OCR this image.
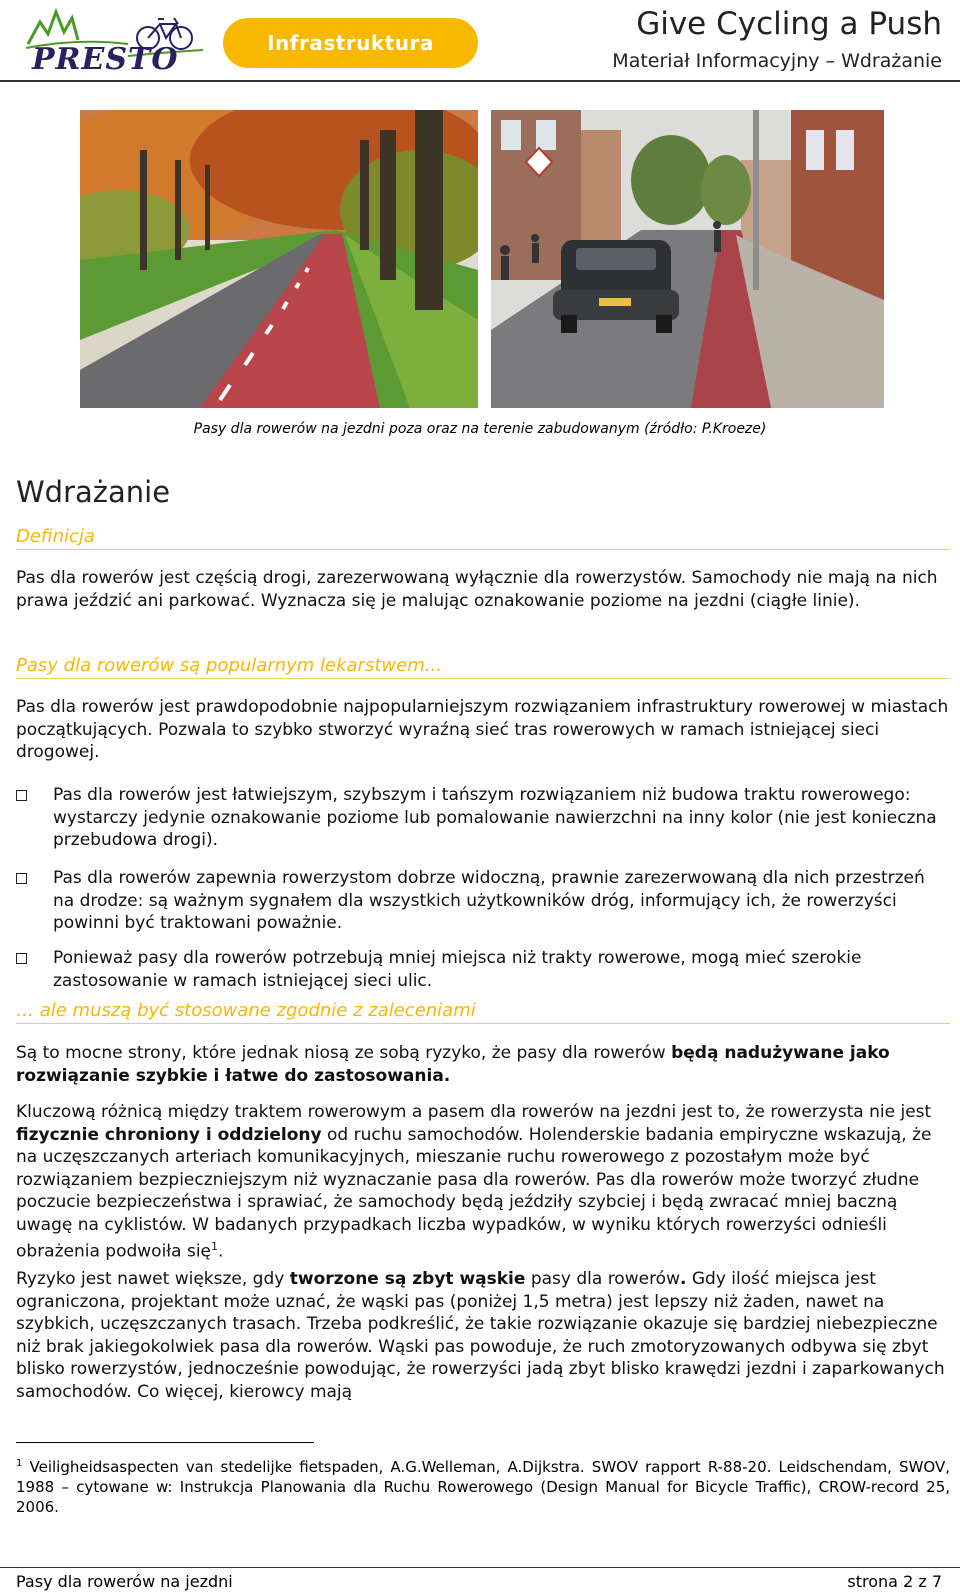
PRESTO	Infrastruktura
Give Cycling a Push
Materiał Informacyjny – Wdrażanie
Pasy dla rowerów na jezdni poza oraz na terenie zabudowanym (źródło: P.Kroeze)
Wdrażanie
Definicja
Pas dla rowerów jest częścią drogi, zarezerwowaną wyłącznie dla rowerzystów. Samochody nie mają na nich prawa jeździć ani parkować. Wyznacza się je malując oznakowanie poziome na jezdni (ciągłe linie).
Pasy dla rowerów są popularnym lekarstwem...
Pas dla rowerów jest prawdopodobnie najpopularniejszym rozwiązaniem infrastruktury rowerowej w miastach początkujących. Pozwala to szybko stworzyć wyraźną sieć tras rowerowych w ramach istniejącej sieci drogowej.
Pas dla rowerów jest łatwiejszym, szybszym i tańszym rozwiązaniem niż budowa traktu rowerowego: wystarczy jedynie oznakowanie poziome lub pomalowanie nawierzchni na inny kolor (nie jest konieczna przebudowa drogi).
Pas dla rowerów zapewnia rowerzystom dobrze widoczną, prawnie zarezerwowaną dla nich przestrzeń na drodze: są ważnym sygnałem dla wszystkich użytkowników dróg, informujący ich, że rowerzyści powinni być traktowani poważnie.
Ponieważ pasy dla rowerów potrzebują mniej miejsca niż trakty rowerowe, mogą mieć szerokie zastosowanie w ramach istniejącej sieci ulic.
… ale muszą być stosowane zgodnie z zaleceniami
Są to mocne strony, które jednak niosą ze sobą ryzyko, że pasy dla rowerów będą nadużywane jako rozwiązanie szybkie i łatwe do zastosowania.
Kluczową różnicą między traktem rowerowym a pasem dla rowerów na jezdni jest to, że rowerzysta nie jest fizycznie chroniony i oddzielony od ruchu samochodów. Holenderskie badania empiryczne wskazują, że na uczęszczanych arteriach komunikacyjnych, mieszanie ruchu rowerowego z pozostałym może być rozwiązaniem bezpieczniejszym niż wyznaczanie pasa dla rowerów. Pas dla rowerów może tworzyć złudne poczucie bezpieczeństwa i sprawiać, że samochody będą jeździły szybciej i będą zwracać mniej baczną uwagę na cyklistów. W badanych przypadkach liczba wypadków, w wyniku których rowerzyści odnieśli obrażenia podwoiła się$^1$.
Ryzyko jest nawet większe, gdy tworzone są zbyt wąskie pasy dla rowerów. Gdy ilość miejsca jest ograniczona, projektant może uznać, że wąski pas (poniżej 1,5 metra) jest lepszy niż żaden, nawet na szybkich, uczęszczanych trasach. Trzeba podkreślić, że takie rozwiązanie okazuje się bardziej niebezpieczne niż brak jakiegokolwiek pasa dla rowerów. Wąski pas powoduje, że ruch zmotoryzowanych odbywa się zbyt blisko rowerzystów, jednocześnie powodując, że rowerzyści jadą zbyt blisko krawędzi jezdni i zaparkowanych samochodów. Co więcej, kierowcy mają
$^1$ Veiligheidsaspecten van stedelijke fietspaden, A.G.Welleman, A.Dijkstra. SWOV rapport R-88-20. Leidschendam, SWOV, 1988 – cytowane w: Instrukcja Planowania dla Ruchu Rowerowego (Design Manual for Bicycle Traffic), CROW-record 25, 2006.
Pasy dla rowerów na jezdni	strona 2 z 7
